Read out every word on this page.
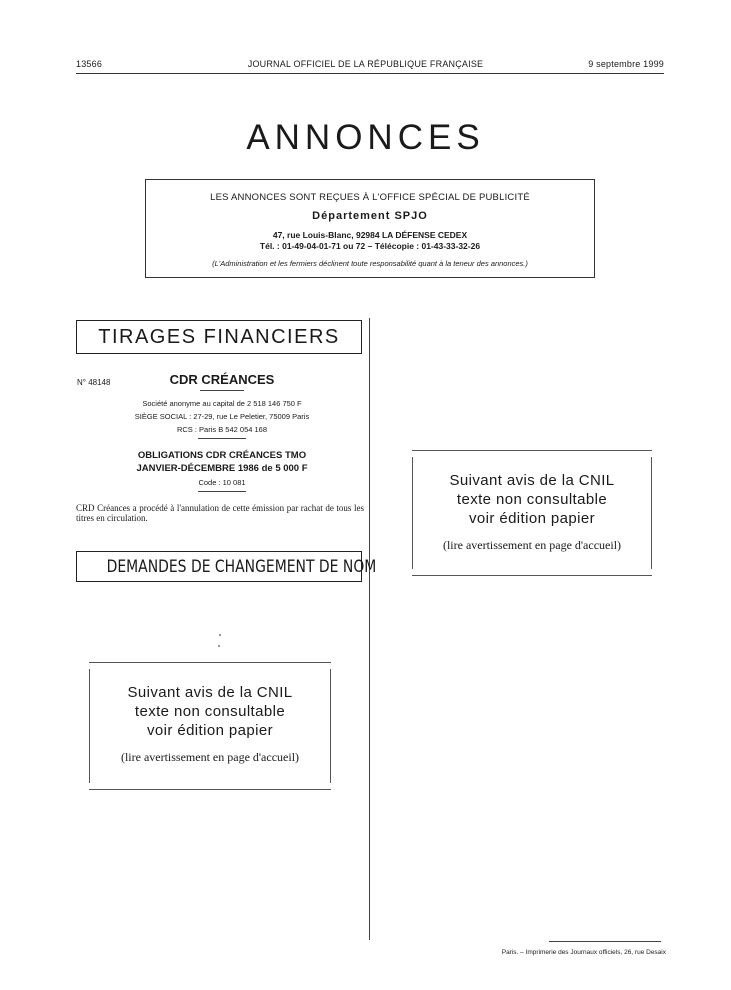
13566	JOURNAL OFFICIEL DE LA RÉPUBLIQUE FRANÇAISE	9 septembre 1999
ANNONCES
LES ANNONCES SONT REÇUES À L'OFFICE SPÉCIAL DE PUBLICITÉ
Département SPJO
47, rue Louis-Blanc, 92984 LA DÉFENSE CEDEX
Tél. : 01-49-04-01-71 ou 72 – Télécopie : 01-43-33-32-26
(L'Administration et les fermiers déclinent toute responsabilité quant à la teneur des annonces.)
TIRAGES FINANCIERS
N° 48148	CDR CRÉANCES
Société anonyme au capital de 2 518 146 750 F
SIÈGE SOCIAL : 27-29, rue Le Peletier, 75009 Paris
RCS : Paris B 542 054 168
OBLIGATIONS CDR CRÉANCES TMO
JANVIER-DÉCEMBRE 1986 de 5 000 F
Code : 10 081
CRD Créances a procédé à l'annulation de cette émission par rachat de tous les titres en circulation.
DEMANDES DE CHANGEMENT DE NOM
Suivant avis de la CNIL
texte non consultable
voir édition papier
(lire avertissement en page d'accueil)
Suivant avis de la CNIL
texte non consultable
voir édition papier
(lire avertissement en page d'accueil)
Paris. – Imprimerie des Journaux officiels, 26, rue Desaix
